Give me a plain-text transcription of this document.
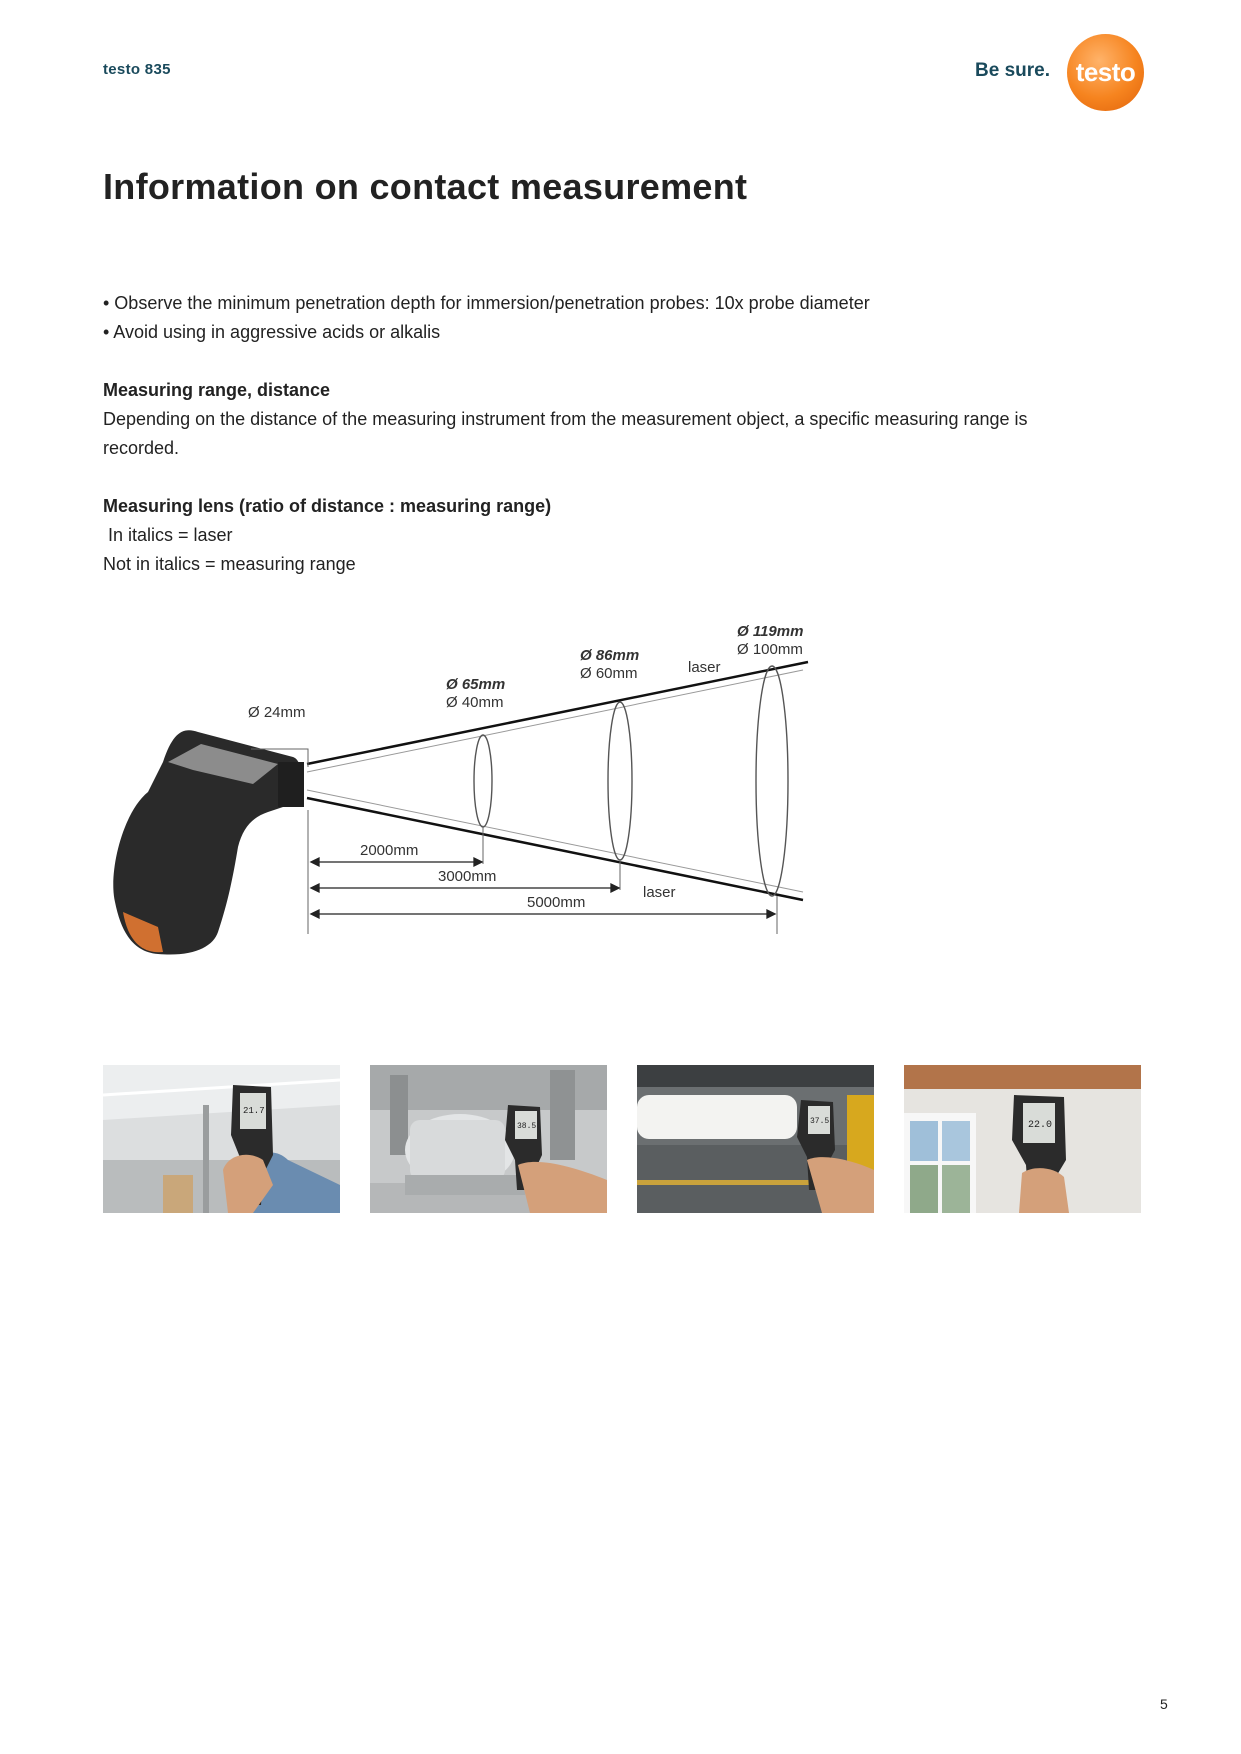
testo 835	Be sure. testo
Information on contact measurement

• Observe the minimum penetration depth for immersion/penetration probes: 10x probe diameter

• Avoid using in aggressive acids or alkalis

Measuring range, distance

Depending on the distance of the measuring instrument from the measurement object, a specific measuring range is

recorded.

Measuring lens (ratio of distance : measuring range)

In italics = laser

Not in italics = measuring range

Ø 24mm
Ø 65mm
Ø 40mm
Ø 86mm
Ø 60mm
Ø 119mm
Ø 100mm
laser
laser
2000mm
3000mm
5000mm
21.7
38.5
37.5	22.0
5
